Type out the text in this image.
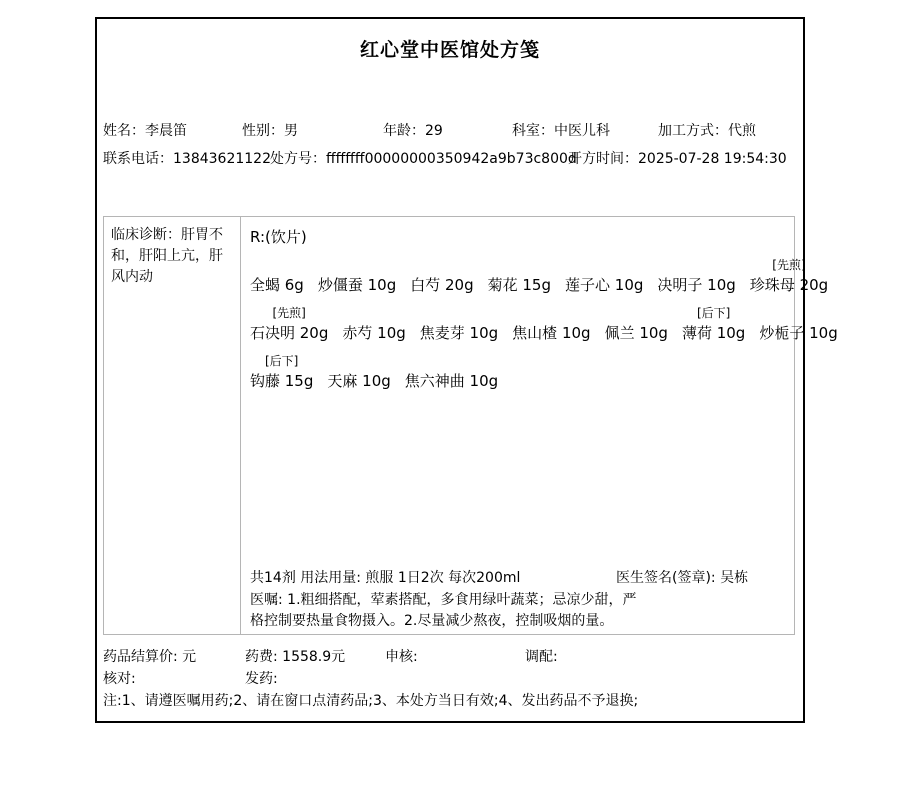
红心堂中医馆处方笺
姓名：李晨笛	性别：男	年龄：29	科室：中医儿科	加工方式：代煎
联系电话：13843621122 处方号：ffffffff00000000350942a9b73c800d
开方时间：2025-07-28 19:54:30
临床诊断：肝胃不和，肝阳上亢，肝风内动
R:(饮片)

全蝎 6g
炒僵蚕 10g
白芍 20g
菊花 15g
莲子心 10g
决明子 10g
[先煎]
珍珠母 20g
[先煎]
石决明 20g
赤芍 10g
焦麦芽 10g
焦山楂 10g
佩兰 10g
[后下]
薄荷 10g
炒栀子 10g
[后下]
钩藤 15g
天麻 10g
焦六神曲 10g
共14剂 用法用量: 煎服 1日2次 每次200ml	医生签名(签章): 吴栋
医嘱: 1.粗细搭配，荤素搭配，多食用绿叶蔬菜；忌凉少甜，严格控制要热量食物摄入。2.尽量减少熬夜，控制吸烟的量。
药品结算价: 元	药费: 1558.9元	申核:	调配:
核对:	发药:
注:1、请遵医嘱用药;2、请在窗口点清药品;3、本处方当日有效;4、发出药品不予退换;
